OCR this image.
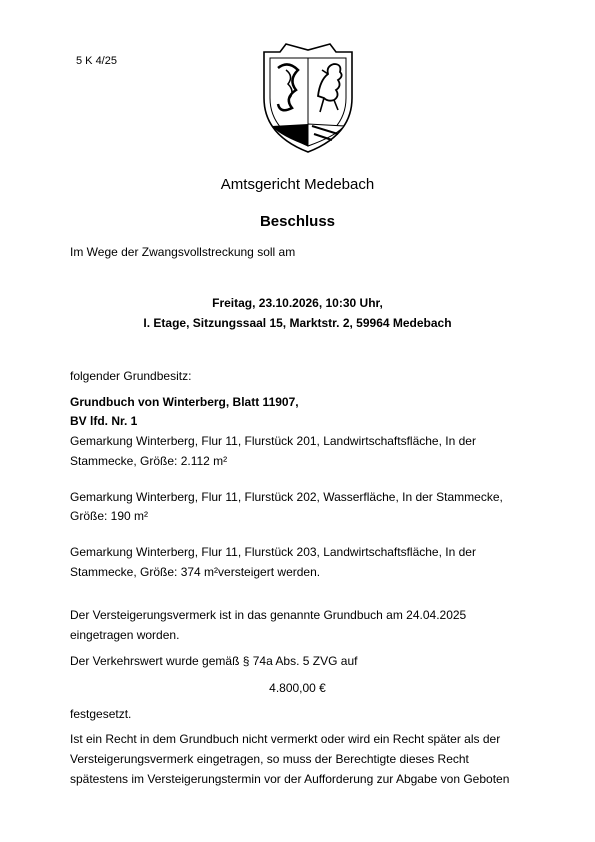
5 K 4/25
Amtsgericht Medebach
Beschluss
Im Wege der Zwangsvollstreckung soll am
Freitag, 23.10.2026, 10:30 Uhr,
I. Etage, Sitzungssaal 15, Marktstr. 2, 59964 Medebach
folgender Grundbesitz:
Grundbuch von Winterberg, Blatt 11907,
BV lfd. Nr. 1
Gemarkung Winterberg, Flur 11, Flurstück 201, Landwirtschaftsfläche, In der
Stammecke, Größe: 2.112 m²
Gemarkung Winterberg, Flur 11, Flurstück 202, Wasserfläche, In der Stammecke,
Größe: 190 m²
Gemarkung Winterberg, Flur 11, Flurstück 203, Landwirtschaftsfläche, In der
Stammecke, Größe: 374 m²versteigert werden.
Der Versteigerungsvermerk ist in das genannte Grundbuch am 24.04.2025
eingetragen worden.
Der Verkehrswert wurde gemäß § 74a Abs. 5 ZVG auf
4.800,00 €
festgesetzt.
Ist ein Recht in dem Grundbuch nicht vermerkt oder wird ein Recht später als der
Versteigerungsvermerk eingetragen, so muss der Berechtigte dieses Recht
spätestens im Versteigerungstermin vor der Aufforderung zur Abgabe von Geboten
